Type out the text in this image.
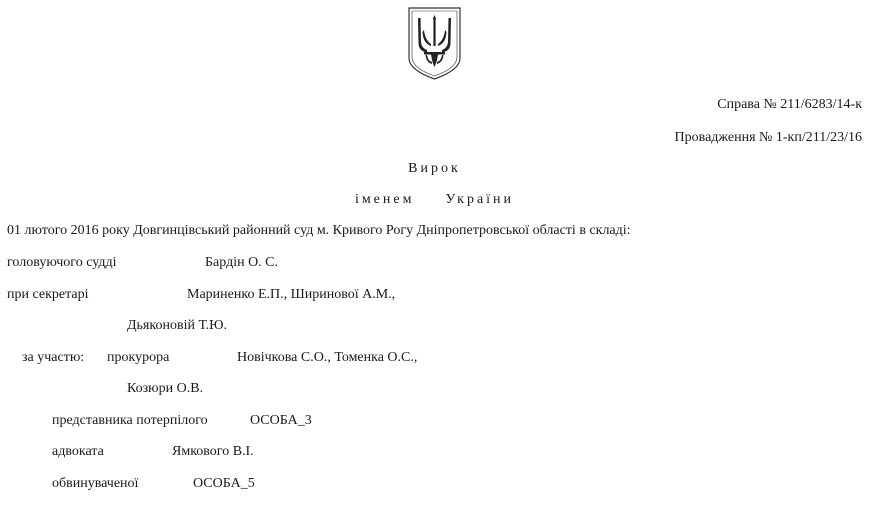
Справа № 211/6283/14-к
Провадження № 1-кп/211/23/16
Вирок
іменем України
01 лютого 2016 року Довгинцівський районний суд м. Кривого Рогу Дніпропетровської області в складі:
головуючого судді	Бардін О. С.
при секретарі	Мариненко Е.П., Ширинової А.М.,
Дьяконовій Т.Ю.
за участю: прокурора	Новічкова С.О., Томенка О.С.,
Козюри О.В.
представника потерпілого	ОСОБА_3
адвоката	Ямкового В.І.
обвинуваченої	ОСОБА_5
